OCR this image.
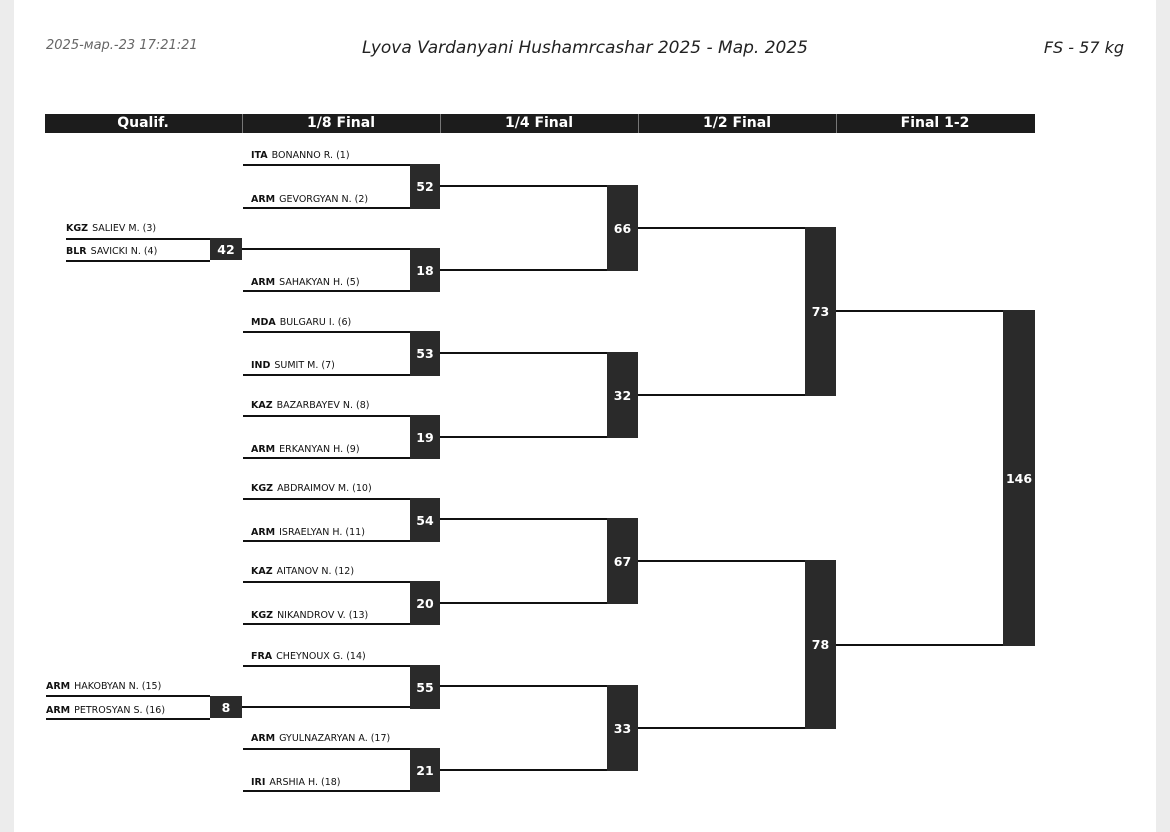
2025-мар.-23 17:21:21	Lyova Vardanyani Hushamrcashar 2025 - Мар. 2025	FS - 57 kg
Qualif.	1/8 Final	1/4 Final	1/2 Final	Final 1-2
KGZ SALIEV M. (3)
BLR SAVICKI N. (4)	42
ARM HAKOBYAN N. (15)
ARM PETROSYAN S. (16)	8
ITA BONANNO R. (1)
ARM GEVORGYAN N. (2)
ARM SAHAKYAN H. (5)
MDA BULGARU I. (6)
IND SUMIT M. (7)
KAZ BAZARBAYEV N. (8)
ARM ERKANYAN H. (9)
KGZ ABDRAIMOV M. (10)
ARM ISRAELYAN H. (11)
KAZ AITANOV N. (12)
KGZ NIKANDROV V. (13)
FRA CHEYNOUX G. (14)
ARM GYULNAZARYAN A. (17)
IRI ARSHIA H. (18)
52
18
53
19
54
20
55
21
66
32
67
33
73
78
146
